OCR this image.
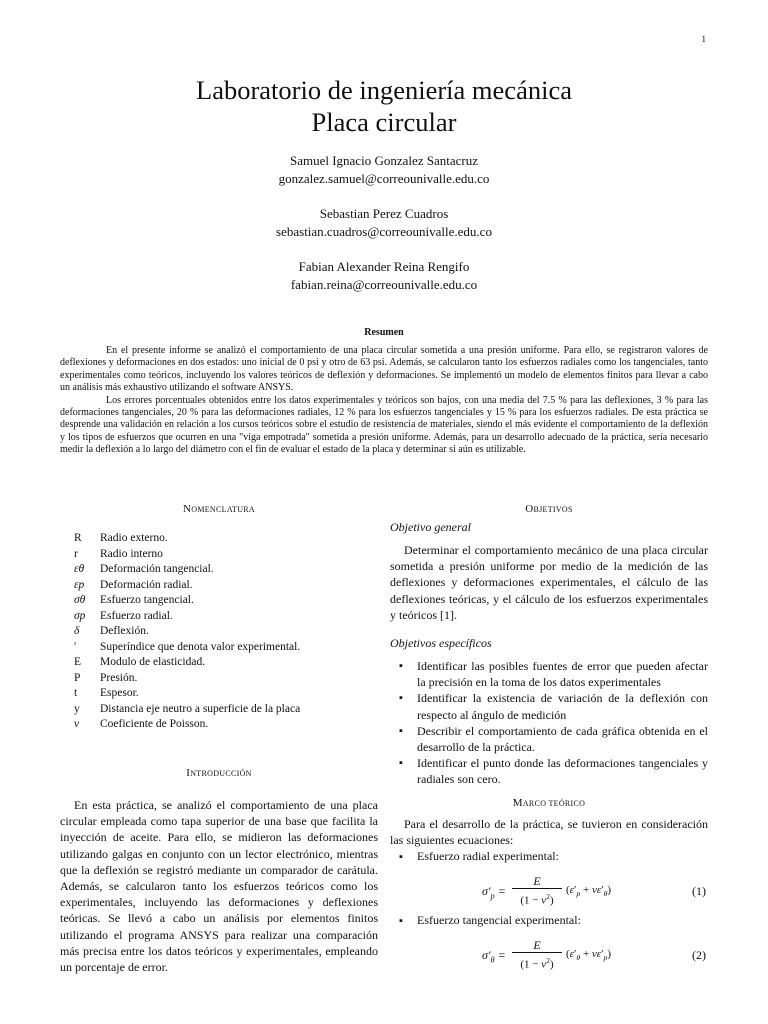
1
Laboratorio de ingeniería mecánica
Placa circular
Samuel Ignacio Gonzalez Santacruz
gonzalez.samuel@correounivalle.edu.co
Sebastian Perez Cuadros
sebastian.cuadros@correounivalle.edu.co
Fabian Alexander Reina Rengifo
fabian.reina@correounivalle.edu.co
Resumen

En el presente informe se analizó el comportamiento de una placa circular sometida a una presión uniforme. Para ello, se registraron valores de deflexiones y deformaciones en dos estados: uno inicial de 0 psi y otro de 63 psi. Además, se calcularon tanto los esfuerzos radiales como los tangenciales, tanto experimentales como teóricos, incluyendo los valores teóricos de deflexión y deformaciones. Se implementó un modelo de elementos finitos para llevar a cabo un análisis más exhaustivo utilizando el software ANSYS.

Los errores porcentuales obtenidos entre los datos experimentales y teóricos son bajos, con una media del 7.5 % para las deflexiones, 3 % para las deformaciones tangenciales, 20 % para las deformaciones radiales, 12 % para los esfuerzos tangenciales y 15 % para los esfuerzos radiales. De esta práctica se desprende una validación en relación a los cursos teóricos sobre el estudio de resistencia de materiales, siendo el más evidente el comportamiento de la deflexión y los tipos de esfuerzos que ocurren en una "viga empotrada" sometida a presión uniforme. Además, para un desarrollo adecuado de la práctica, sería necesario medir la deflexión a lo largo del diámetro con el fin de evaluar el estado de la placa y determinar si aún es utilizable.

NOMENCLATURA
R Radio externo.
r Radio interno
εθ Deformación tangencial.
εp Deformación radial.
σθ Esfuerzo tangencial.
σp Esfuerzo radial.
δ Deflexión.
′ Superíndice que denota valor experimental.
E Modulo de elasticidad.
P Presión.
t Espesor.
y Distancia eje neutro a superficie de la placa
ν Coeficiente de Poisson.
INTRODUCCIÓN

En esta práctica, se analizó el comportamiento de una placa circular empleada como tapa superior de una base que facilita la inyección de aceite. Para ello, se midieron las deformaciones utilizando galgas en conjunto con un lector electrónico, mientras que la deflexión se registró mediante un comparador de carátula. Además, se calcularon tanto los esfuerzos teóricos como los experimentales, incluyendo las deformaciones y deflexiones teóricas. Se llevó a cabo un análisis por elementos finitos utilizando el programa ANSYS para realizar una comparación más precisa entre los datos teóricos y experimentales, empleando un porcentaje de error.

OBJETIVOS
Objetivo general

Determinar el comportamiento mecánico de una placa circular sometida a presión uniforme por medio de la medición de las deflexiones y deformaciones experimentales, el cálculo de las deflexiones teóricas, y el cálculo de los esfuerzos experimentales y teóricos [1].

Objetivos específicos
▪ Identificar las posibles fuentes de error que pueden afectar la precisión en la toma de los datos experimentales
▪ Identificar la existencia de variación de la deflexión con respecto al ángulo de medición
▪ Describir el comportamiento de cada gráfica obtenida en el desarrollo de la práctica.
▪ Identificar el punto donde las deformaciones tangenciales y radiales son cero.
MARCO TEÓRICO

Para el desarrollo de la práctica, se tuvieron en consideración las siguientes ecuaciones:

▪ Esfuerzo radial experimental:
$\sigma'_p = \frac{E}{(1 - \nu^2)} (\varepsilon'_p + \nu\varepsilon'_\theta)$	(1)
▪ Esfuerzo tangencial experimental:
$\sigma'_\theta = \frac{E}{(1 - \nu^2)} (\varepsilon'_\theta + \nu\varepsilon'_p)$	(2)
